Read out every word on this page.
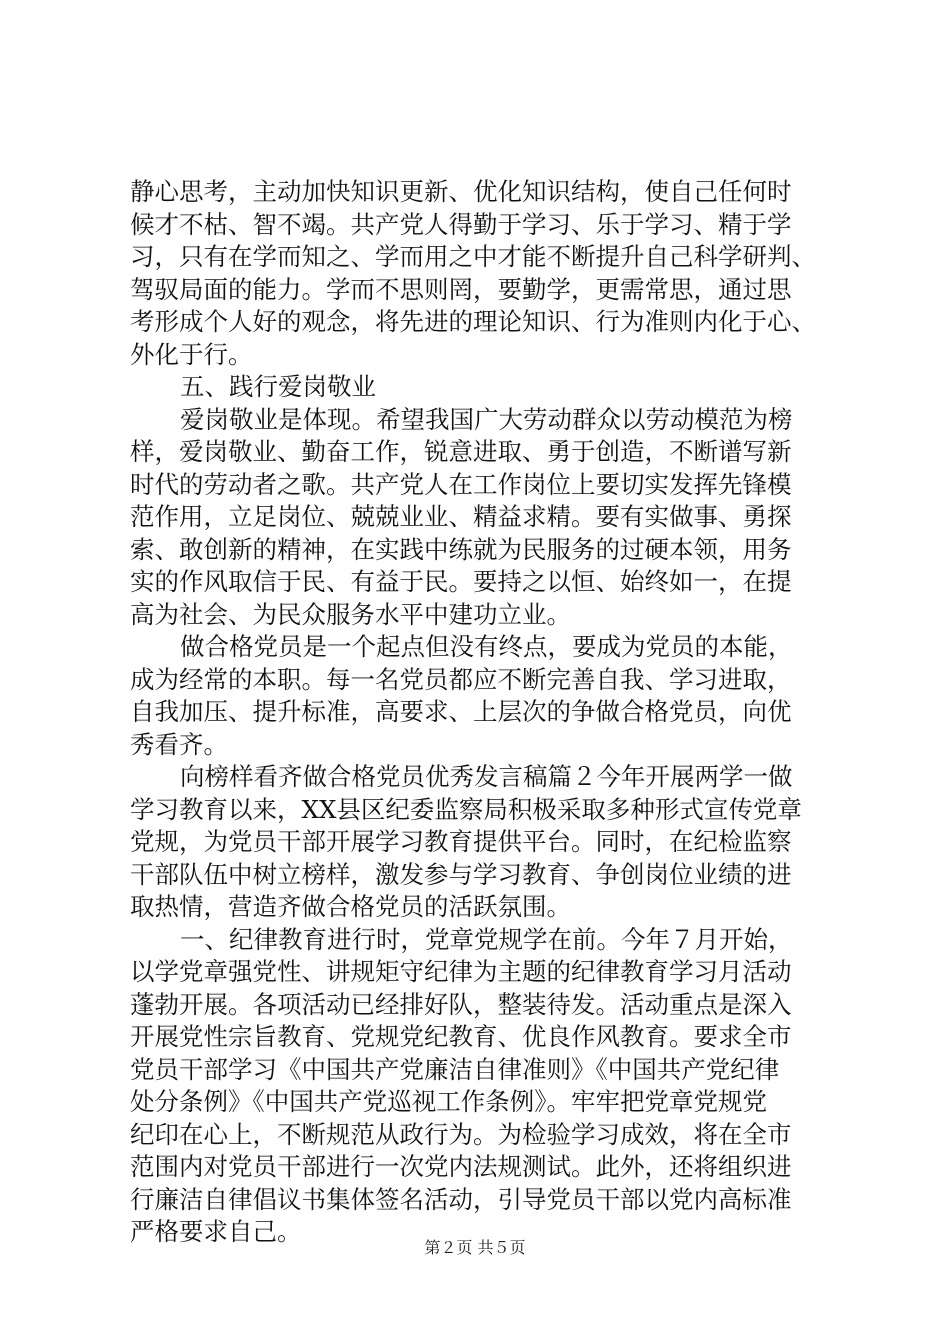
静心思考，主动加快知识更新、优化知识结构，使自己任何时
候才不枯、智不竭。共产党人得勤于学习、乐于学习、精于学
习，只有在学而知之、学而用之中才能不断提升自己科学研判、
驾驭局面的能力。学而不思则罔，要勤学，更需常思，通过思
考形成个人好的观念，将先进的理论知识、行为准则内化于心、
外化于行。
五、践行爱岗敬业
爱岗敬业是体现。希望我国广大劳动群众以劳动模范为榜
样，爱岗敬业、勤奋工作，锐意进取、勇于创造，不断谱写新
时代的劳动者之歌。共产党人在工作岗位上要切实发挥先锋模
范作用，立足岗位、兢兢业业、精益求精。要有实做事、勇探
索、敢创新的精神，在实践中练就为民服务的过硬本领，用务
实的作风取信于民、有益于民。要持之以恒、始终如一，在提
高为社会、为民众服务水平中建功立业。
做合格党员是一个起点但没有终点，要成为党员的本能，
成为经常的本职。每一名党员都应不断完善自我、学习进取，
自我加压、提升标准，高要求、上层次的争做合格党员，向优
秀看齐。
向榜样看齐做合格党员优秀发言稿篇２今年开展两学一做
学习教育以来，XX县区纪委监察局积极采取多种形式宣传党章
党规，为党员干部开展学习教育提供平台。同时，在纪检监察
干部队伍中树立榜样，激发参与学习教育、争创岗位业绩的进
取热情，营造齐做合格党员的活跃氛围。
一、纪律教育进行时，党章党规学在前。今年７月开始，
以学党章强党性、讲规矩守纪律为主题的纪律教育学习月活动
蓬勃开展。各项活动已经排好队，整装待发。活动重点是深入
开展党性宗旨教育、党规党纪教育、优良作风教育。要求全市
党员干部学习《中国共产党廉洁自律准则》《中国共产党纪律
处分条例》《中国共产党巡视工作条例》。牢牢把党章党规党
纪印在心上，不断规范从政行为。为检验学习成效，将在全市
范围内对党员干部进行一次党内法规测试。此外，还将组织进
行廉洁自律倡议书集体签名活动，引导党员干部以党内高标准
严格要求自己。
第２页 共５页
